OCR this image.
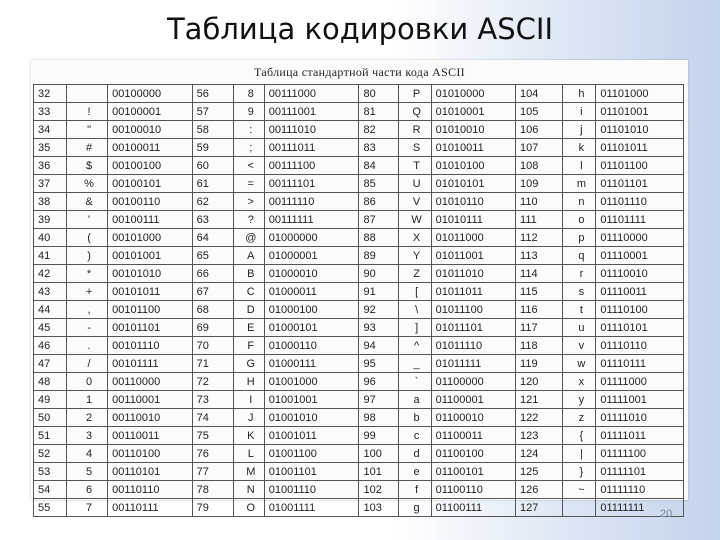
Таблица кодировки ASCII
Таблица стандартной части кода ASCII
32		00100000	56	8	00111000	80	P	01010000	104	h	01101000
33	!	00100001	57	9	00111001	81	Q	01010001	105	i	01101001
34	"	00100010	58	:	00111010	82	R	01010010	106	j	01101010
35	#	00100011	59	;	00111011	83	S	01010011	107	k	01101011
36	$	00100100	60	<	00111100	84	T	01010100	108	l	01101100
37	%	00100101	61	=	00111101	85	U	01010101	109	m	01101101
38	&	00100110	62	>	00111110	86	V	01010110	110	n	01101110
39	'	00100111	63	?	00111111	87	W	01010111	111	o	01101111
40	(	00101000	64	@	01000000	88	X	01011000	112	p	01110000
41	)	00101001	65	A	01000001	89	Y	01011001	113	q	01110001
42	*	00101010	66	B	01000010	90	Z	01011010	114	r	01110010
43	+	00101011	67	C	01000011	91	[	01011011	115	s	01110011
44	,	00101100	68	D	01000100	92	\	01011100	116	t	01110100
45	-	00101101	69	E	01000101	93	]	01011101	117	u	01110101
46	.	00101110	70	F	01000110	94	^	01011110	118	v	01110110
47	/	00101111	71	G	01000111	95	_	01011111	119	w	01110111
48	0	00110000	72	H	01001000	96	`	01100000	120	x	01111000
49	1	00110001	73	I	01001001	97	a	01100001	121	y	01111001
50	2	00110010	74	J	01001010	98	b	01100010	122	z	01111010
51	3	00110011	75	K	01001011	99	c	01100011	123	{	01111011
52	4	00110100	76	L	01001100	100	d	01100100	124	|	01111100
53	5	00110101	77	M	01001101	101	e	01100101	125	}	01111101
54	6	00110110	78	N	01001110	102	f	01100110	126	~	01111110
55	7	00110111	79	O	01001111	103	g	01100111	127		01111111
20
